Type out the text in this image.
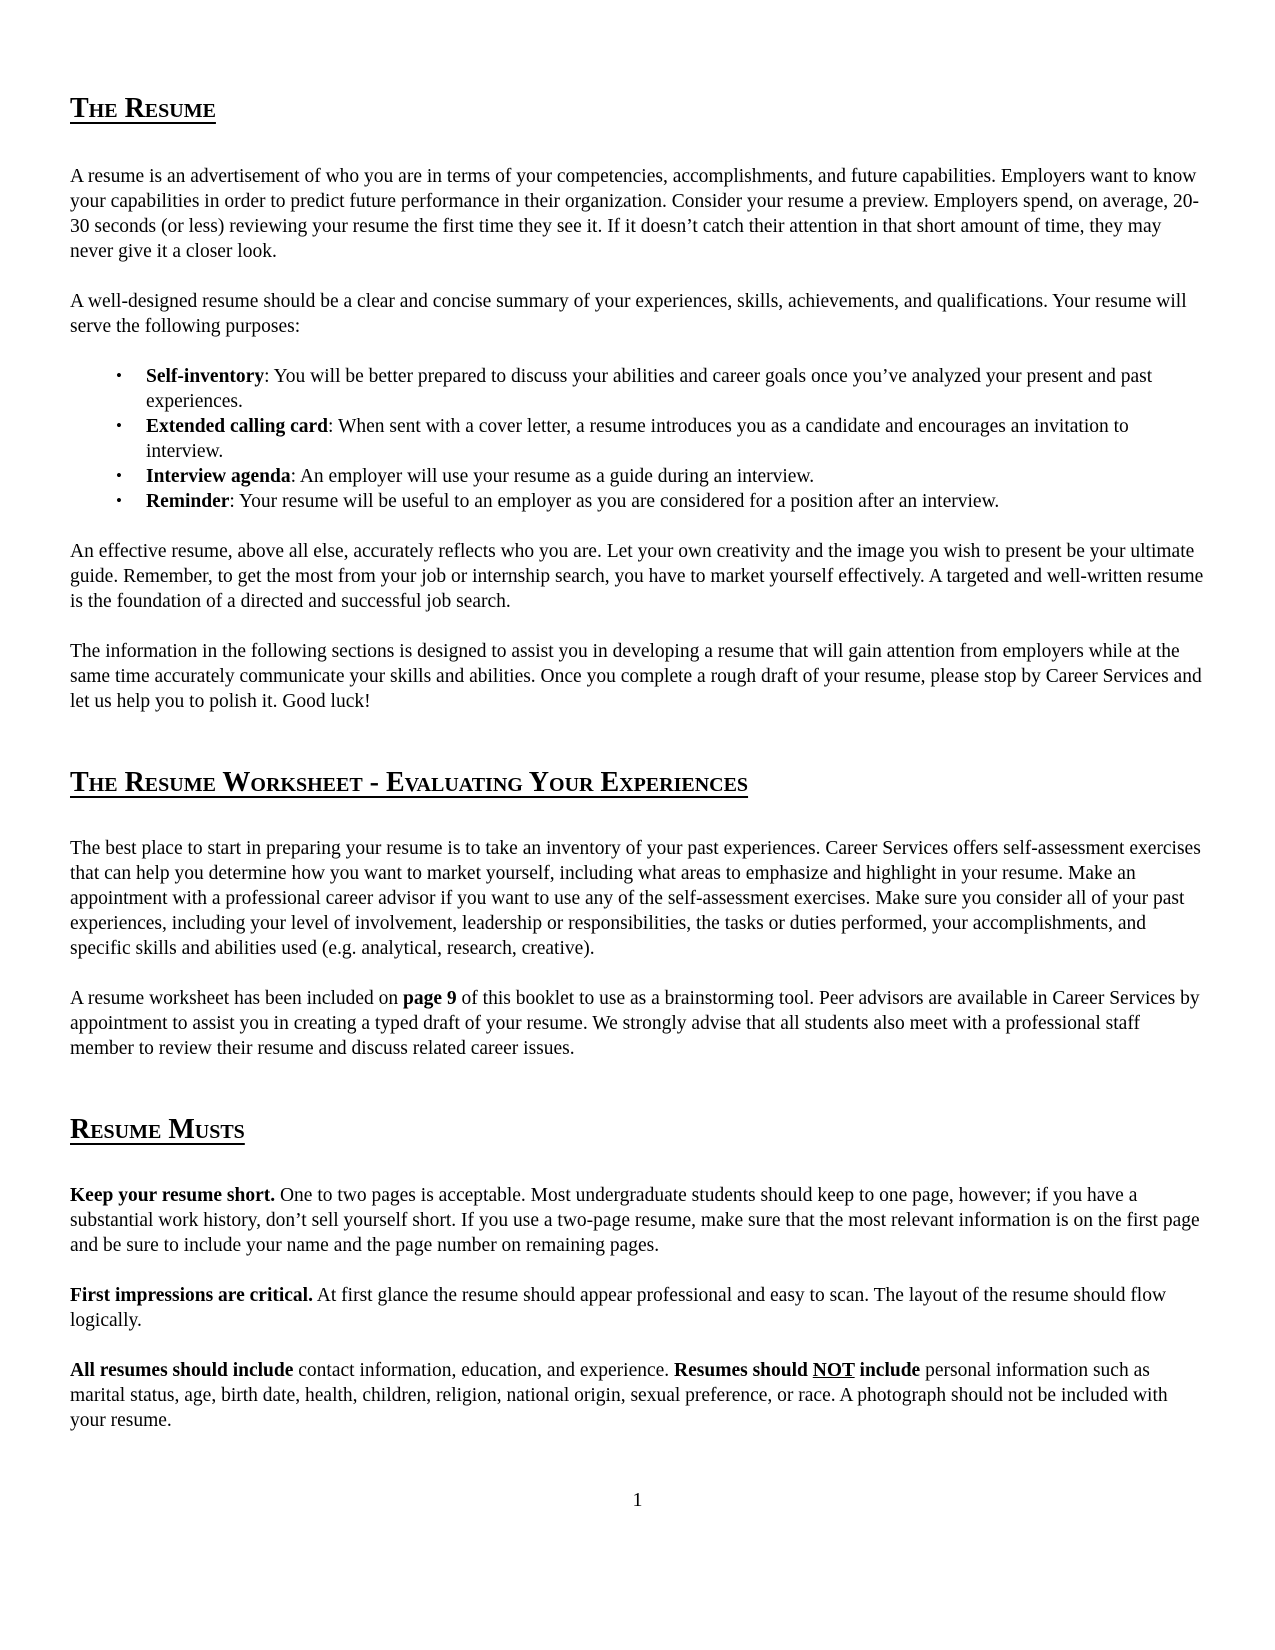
The Resume

A resume is an advertisement of who you are in terms of your competencies, accomplishments, and future capabilities. Employers want to know your capabilities in order to predict future performance in their organization. Consider your resume a preview. Employers spend, on average, 20-30 seconds (or less) reviewing your resume the first time they see it. If it doesn’t catch their attention in that short amount of time, they may never give it a closer look.

A well-designed resume should be a clear and concise summary of your experiences, skills, achievements, and qualifications. Your resume will serve the following purposes:

• Self-inventory: You will be better prepared to discuss your abilities and career goals once you’ve analyzed your present and past experiences.
• Extended calling card: When sent with a cover letter, a resume introduces you as a candidate and encourages an invitation to interview.
• Interview agenda: An employer will use your resume as a guide during an interview.
• Reminder: Your resume will be useful to an employer as you are considered for a position after an interview.

An effective resume, above all else, accurately reflects who you are. Let your own creativity and the image you wish to present be your ultimate guide. Remember, to get the most from your job or internship search, you have to market yourself effectively. A targeted and well-written resume is the foundation of a directed and successful job search.

The information in the following sections is designed to assist you in developing a resume that will gain attention from employers while at the same time accurately communicate your skills and abilities. Once you complete a rough draft of your resume, please stop by Career Services and let us help you to polish it. Good luck!

The Resume Worksheet - Evaluating Your Experiences

The best place to start in preparing your resume is to take an inventory of your past experiences. Career Services offers self-assessment exercises that can help you determine how you want to market yourself, including what areas to emphasize and highlight in your resume. Make an appointment with a professional career advisor if you want to use any of the self-assessment exercises. Make sure you consider all of your past experiences, including your level of involvement, leadership or responsibilities, the tasks or duties performed, your accomplishments, and specific skills and abilities used (e.g. analytical, research, creative).

A resume worksheet has been included on page 9 of this booklet to use as a brainstorming tool. Peer advisors are available in Career Services by appointment to assist you in creating a typed draft of your resume. We strongly advise that all students also meet with a professional staff member to review their resume and discuss related career issues.

Resume Musts

Keep your resume short. One to two pages is acceptable. Most undergraduate students should keep to one page, however; if you have a substantial work history, don’t sell yourself short. If you use a two-page resume, make sure that the most relevant information is on the first page and be sure to include your name and the page number on remaining pages.

First impressions are critical. At first glance the resume should appear professional and easy to scan. The layout of the resume should flow logically.

All resumes should include contact information, education, and experience. Resumes should NOT include personal information such as marital status, age, birth date, health, children, religion, national origin, sexual preference, or race. A photograph should not be included with your resume.

1
